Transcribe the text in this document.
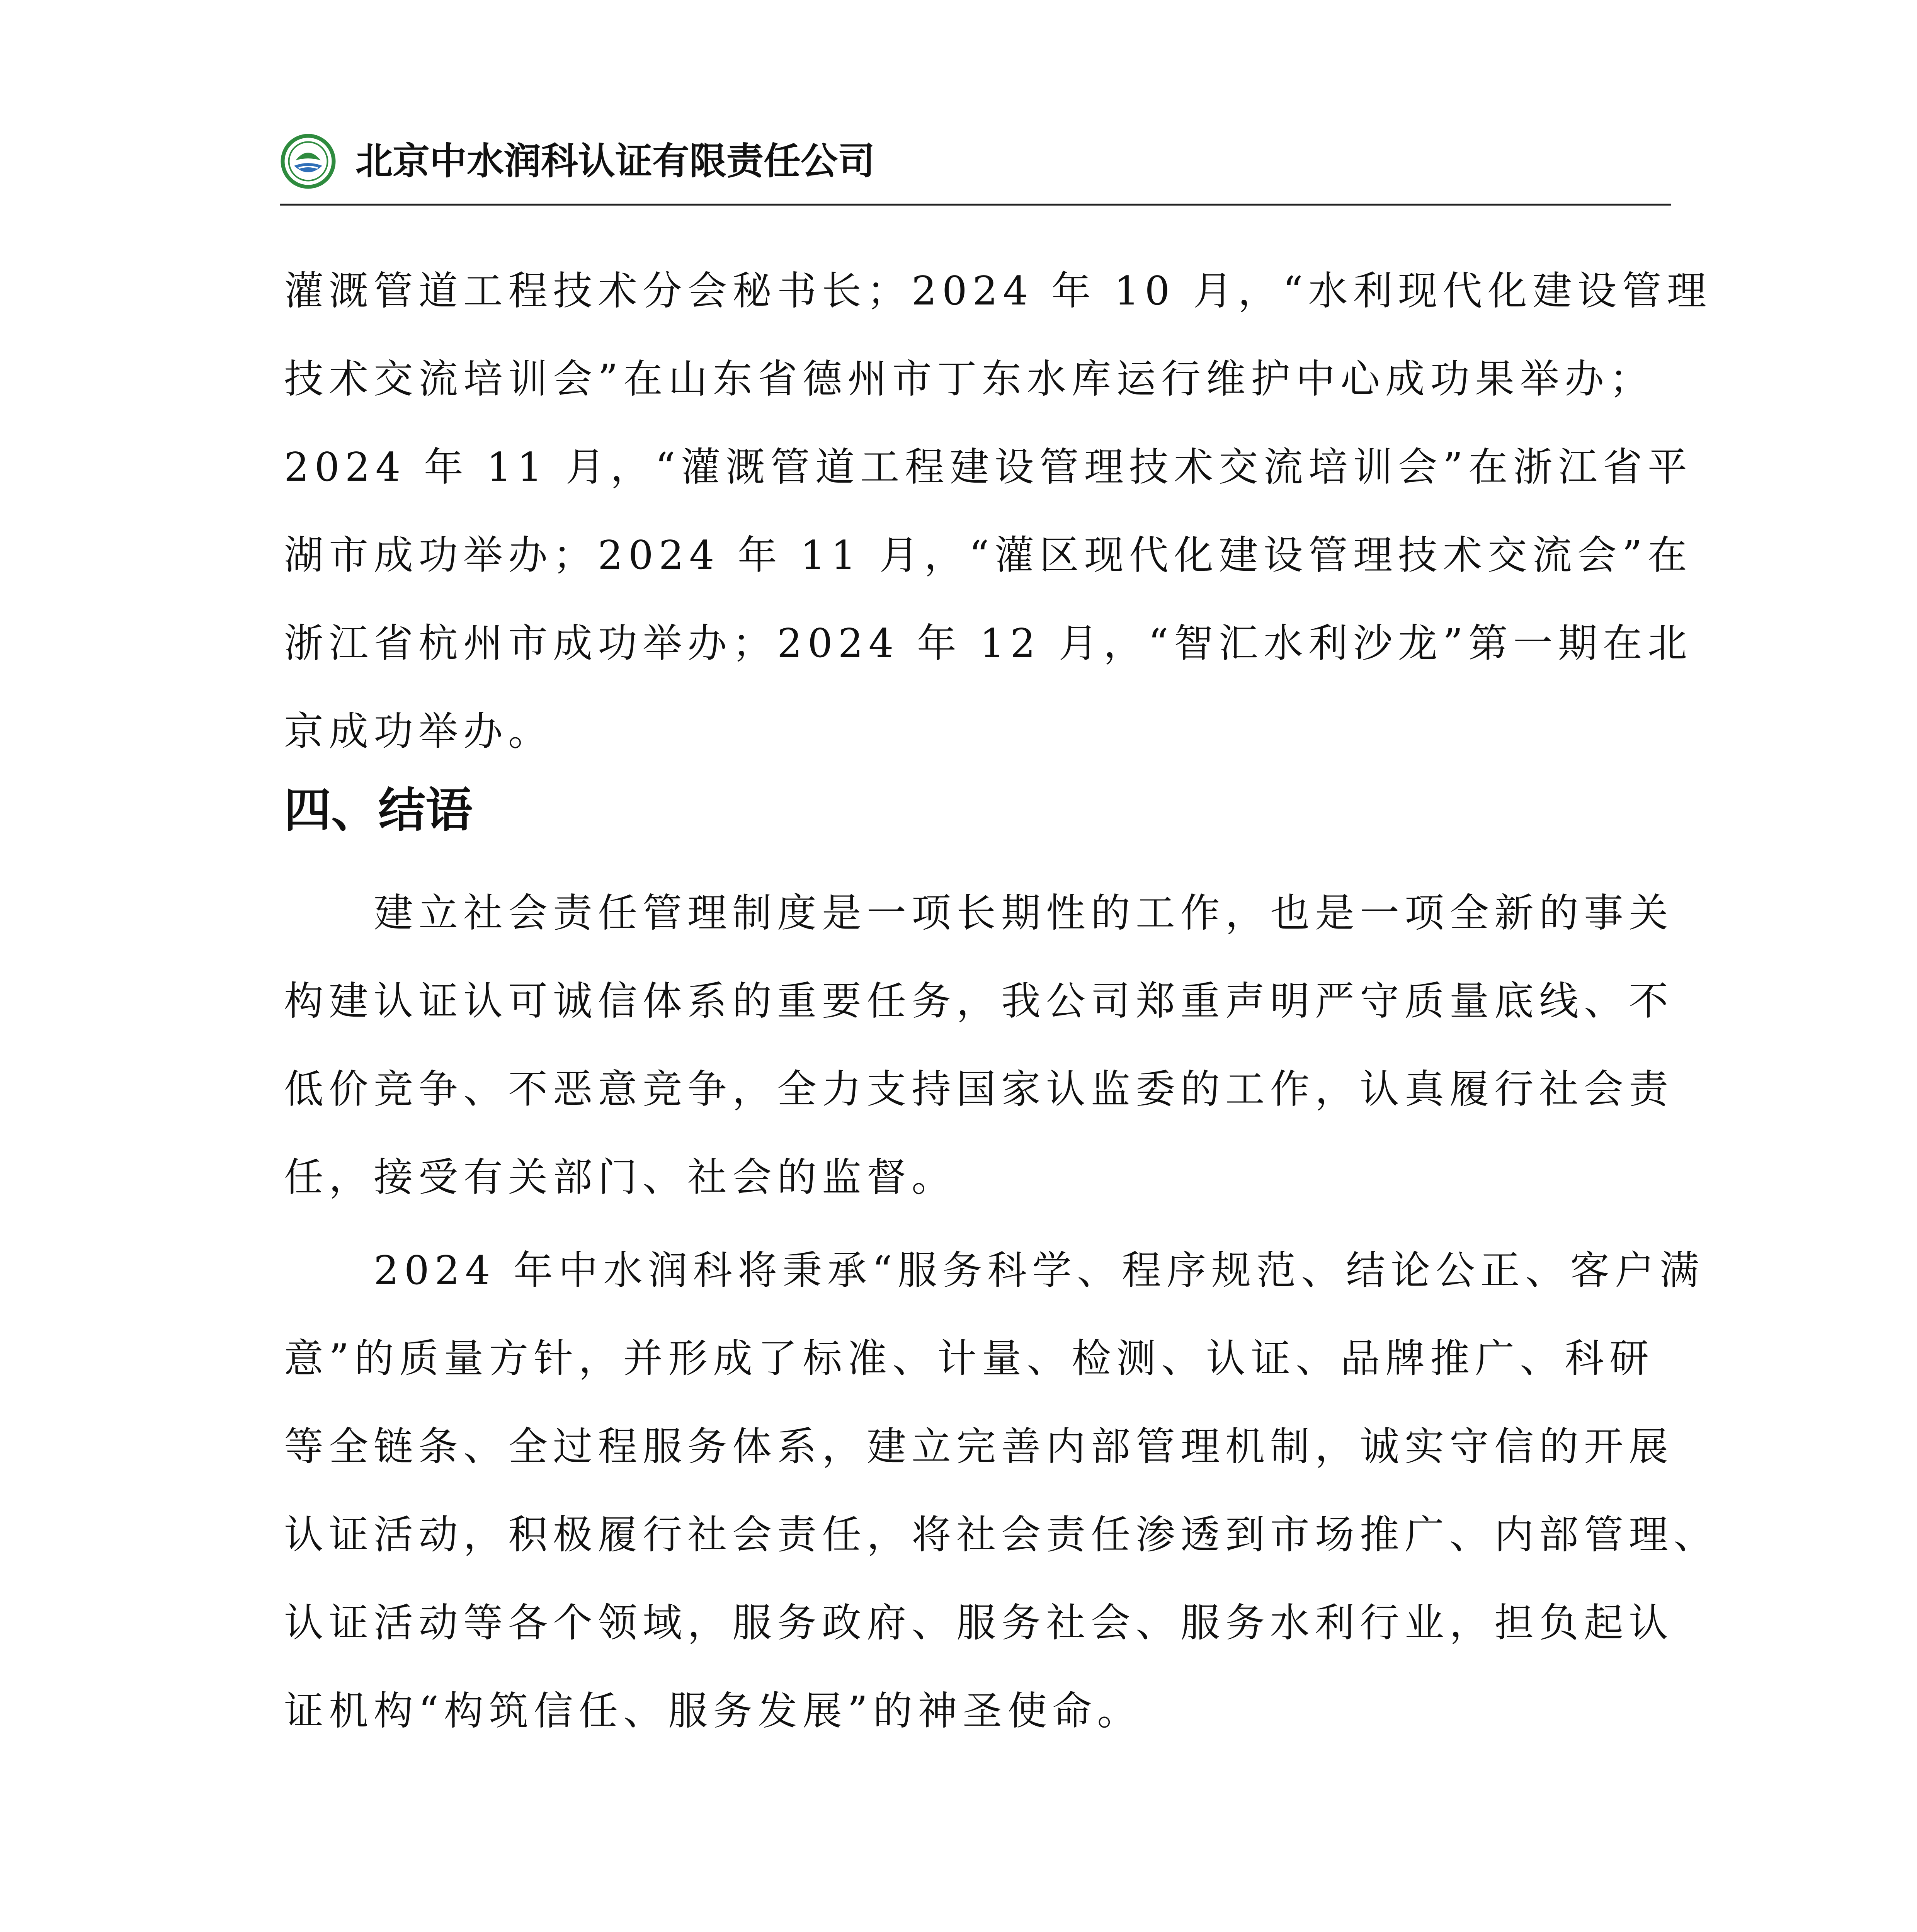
北京中水润科认证有限责任公司
灌溉管道工程技术分会秘书长；2024 年 10 月，“水利现代化建设管理
技术交流培训会”在山东省德州市丁东水库运行维护中心成功果举办；
2024 年 11 月，“灌溉管道工程建设管理技术交流培训会”在浙江省平
湖市成功举办；2024 年 11 月，“灌区现代化建设管理技术交流会”在
浙江省杭州市成功举办；2024 年 12 月，“智汇水利沙龙”第一期在北
京成功举办。
四、结语
　　建立社会责任管理制度是一项长期性的工作，也是一项全新的事关
构建认证认可诚信体系的重要任务，我公司郑重声明严守质量底线、不
低价竞争、不恶意竞争，全力支持国家认监委的工作，认真履行社会责
任，接受有关部门、社会的监督。
　　2024 年中水润科将秉承“服务科学、程序规范、结论公正、客户满
意”的质量方针，并形成了标准、计量、检测、认证、品牌推广、科研
等全链条、全过程服务体系，建立完善内部管理机制，诚实守信的开展
认证活动，积极履行社会责任，将社会责任渗透到市场推广、内部管理、
认证活动等各个领域，服务政府、服务社会、服务水利行业，担负起认
证机构“构筑信任、服务发展”的神圣使命。
